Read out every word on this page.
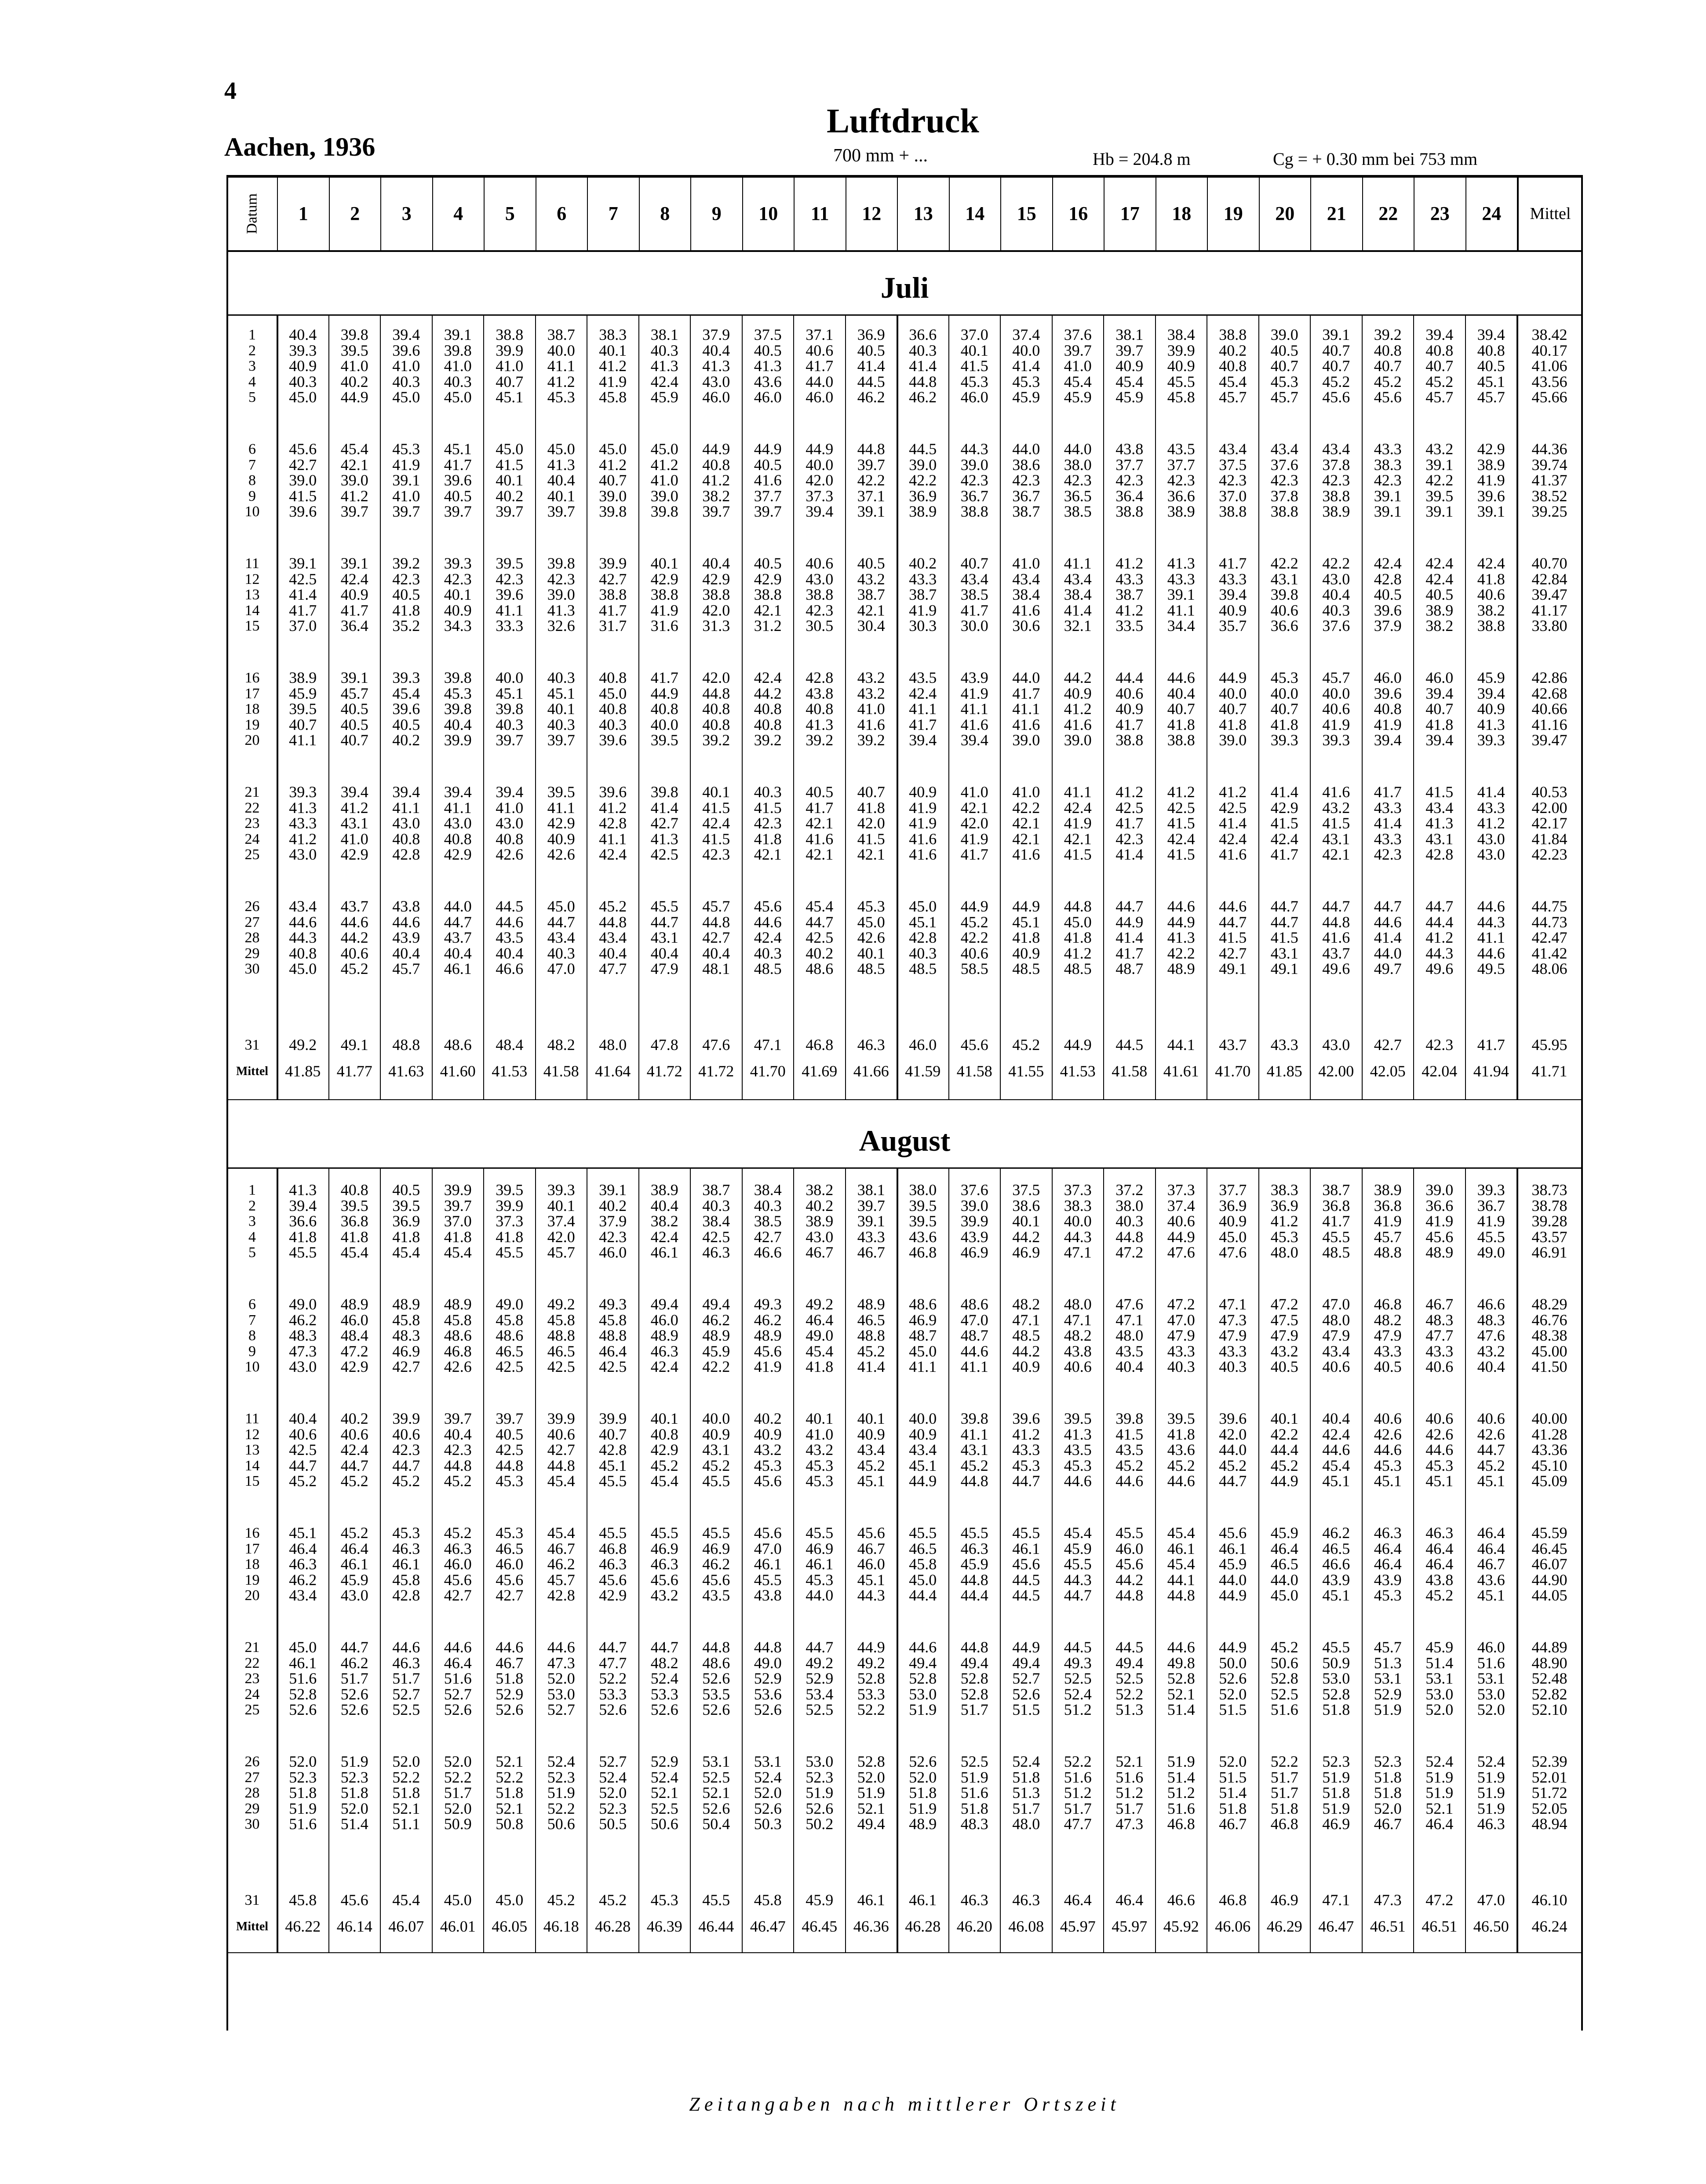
4
Luftdruck
Aachen, 1936	700 mm + ...	Hb = 204.8 m	Cg = + 0.30 mm bei 753 mm
Datum	1	2	3	4	5	6	7	8	9	10	11	12	13	14	15	16	17	18	19	20	21	22	23	24	Mittel
Juli
1	40.4	39.8	39.4	39.1	38.8	38.7	38.3	38.1	37.9	37.5	37.1	36.9	36.6	37.0	37.4	37.6	38.1	38.4	38.8	39.0	39.1	39.2	39.4	39.4	38.42
2	39.3	39.5	39.6	39.8	39.9	40.0	40.1	40.3	40.4	40.5	40.6	40.5	40.3	40.1	40.0	39.7	39.7	39.9	40.2	40.5	40.7	40.8	40.8	40.8	40.17
3	40.9	41.0	41.0	41.0	41.0	41.1	41.2	41.3	41.3	41.3	41.7	41.4	41.4	41.5	41.4	41.0	40.9	40.9	40.8	40.7	40.7	40.7	40.7	40.5	41.06
4	40.3	40.2	40.3	40.3	40.7	41.2	41.9	42.4	43.0	43.6	44.0	44.5	44.8	45.3	45.3	45.4	45.4	45.5	45.4	45.3	45.2	45.2	45.2	45.1	43.56
5	45.0	44.9	45.0	45.0	45.1	45.3	45.8	45.9	46.0	46.0	46.0	46.2	46.2	46.0	45.9	45.9	45.9	45.8	45.7	45.7	45.6	45.6	45.7	45.7	45.66
6	45.6	45.4	45.3	45.1	45.0	45.0	45.0	45.0	44.9	44.9	44.9	44.8	44.5	44.3	44.0	44.0	43.8	43.5	43.4	43.4	43.4	43.3	43.2	42.9	44.36
7	42.7	42.1	41.9	41.7	41.5	41.3	41.2	41.2	40.8	40.5	40.0	39.7	39.0	39.0	38.6	38.0	37.7	37.7	37.5	37.6	37.8	38.3	39.1	38.9	39.74
8	39.0	39.0	39.1	39.6	40.1	40.4	40.7	41.0	41.2	41.6	42.0	42.2	42.2	42.3	42.3	42.3	42.3	42.3	42.3	42.3	42.3	42.3	42.2	41.9	41.37
9	41.5	41.2	41.0	40.5	40.2	40.1	39.0	39.0	38.2	37.7	37.3	37.1	36.9	36.7	36.7	36.5	36.4	36.6	37.0	37.8	38.8	39.1	39.5	39.6	38.52
10	39.6	39.7	39.7	39.7	39.7	39.7	39.8	39.8	39.7	39.7	39.4	39.1	38.9	38.8	38.7	38.5	38.8	38.9	38.8	38.8	38.9	39.1	39.1	39.1	39.25
11	39.1	39.1	39.2	39.3	39.5	39.8	39.9	40.1	40.4	40.5	40.6	40.5	40.2	40.7	41.0	41.1	41.2	41.3	41.7	42.2	42.2	42.4	42.4	42.4	40.70
12	42.5	42.4	42.3	42.3	42.3	42.3	42.7	42.9	42.9	42.9	43.0	43.2	43.3	43.4	43.4	43.4	43.3	43.3	43.3	43.1	43.0	42.8	42.4	41.8	42.84
13	41.4	40.9	40.5	40.1	39.6	39.0	38.8	38.8	38.8	38.8	38.8	38.7	38.7	38.5	38.4	38.4	38.7	39.1	39.4	39.8	40.4	40.5	40.5	40.6	39.47
14	41.7	41.7	41.8	40.9	41.1	41.3	41.7	41.9	42.0	42.1	42.3	42.1	41.9	41.7	41.6	41.4	41.2	41.1	40.9	40.6	40.3	39.6	38.9	38.2	41.17
15	37.0	36.4	35.2	34.3	33.3	32.6	31.7	31.6	31.3	31.2	30.5	30.4	30.3	30.0	30.6	32.1	33.5	34.4	35.7	36.6	37.6	37.9	38.2	38.8	33.80
16	38.9	39.1	39.3	39.8	40.0	40.3	40.8	41.7	42.0	42.4	42.8	43.2	43.5	43.9	44.0	44.2	44.4	44.6	44.9	45.3	45.7	46.0	46.0	45.9	42.86
17	45.9	45.7	45.4	45.3	45.1	45.1	45.0	44.9	44.8	44.2	43.8	43.2	42.4	41.9	41.7	40.9	40.6	40.4	40.0	40.0	40.0	39.6	39.4	39.4	42.68
18	39.5	40.5	39.6	39.8	39.8	40.1	40.8	40.8	40.8	40.8	40.8	41.0	41.1	41.1	41.1	41.2	40.9	40.7	40.7	40.7	40.6	40.8	40.7	40.9	40.66
19	40.7	40.5	40.5	40.4	40.3	40.3	40.3	40.0	40.8	40.8	41.3	41.6	41.7	41.6	41.6	41.6	41.7	41.8	41.8	41.8	41.9	41.9	41.8	41.3	41.16
20	41.1	40.7	40.2	39.9	39.7	39.7	39.6	39.5	39.2	39.2	39.2	39.2	39.4	39.4	39.0	39.0	38.8	38.8	39.0	39.3	39.3	39.4	39.4	39.3	39.47
21	39.3	39.4	39.4	39.4	39.4	39.5	39.6	39.8	40.1	40.3	40.5	40.7	40.9	41.0	41.0	41.1	41.2	41.2	41.2	41.4	41.6	41.7	41.5	41.4	40.53
22	41.3	41.2	41.1	41.1	41.0	41.1	41.2	41.4	41.5	41.5	41.7	41.8	41.9	42.1	42.2	42.4	42.5	42.5	42.5	42.9	43.2	43.3	43.4	43.3	42.00
23	43.3	43.1	43.0	43.0	43.0	42.9	42.8	42.7	42.4	42.3	42.1	42.0	41.9	42.0	42.1	41.9	41.7	41.5	41.4	41.5	41.5	41.4	41.3	41.2	42.17
24	41.2	41.0	40.8	40.8	40.8	40.9	41.1	41.3	41.5	41.8	41.6	41.5	41.6	41.9	42.1	42.1	42.3	42.4	42.4	42.4	43.1	43.3	43.1	43.0	41.84
25	43.0	42.9	42.8	42.9	42.6	42.6	42.4	42.5	42.3	42.1	42.1	42.1	41.6	41.7	41.6	41.5	41.4	41.5	41.6	41.7	42.1	42.3	42.8	43.0	42.23
26	43.4	43.7	43.8	44.0	44.5	45.0	45.2	45.5	45.7	45.6	45.4	45.3	45.0	44.9	44.9	44.8	44.7	44.6	44.6	44.7	44.7	44.7	44.7	44.6	44.75
27	44.6	44.6	44.6	44.7	44.6	44.7	44.8	44.7	44.8	44.6	44.7	45.0	45.1	45.2	45.1	45.0	44.9	44.9	44.7	44.7	44.8	44.6	44.4	44.3	44.73
28	44.3	44.2	43.9	43.7	43.5	43.4	43.4	43.1	42.7	42.4	42.5	42.6	42.8	42.2	41.8	41.8	41.4	41.3	41.5	41.5	41.6	41.4	41.2	41.1	42.47
29	40.8	40.6	40.4	40.4	40.4	40.3	40.4	40.4	40.4	40.3	40.2	40.1	40.3	40.6	40.9	41.2	41.7	42.2	42.7	43.1	43.7	44.0	44.3	44.6	41.42
30	45.0	45.2	45.7	46.1	46.6	47.0	47.7	47.9	48.1	48.5	48.6	48.5	48.5	58.5	48.5	48.5	48.7	48.9	49.1	49.1	49.6	49.7	49.6	49.5	48.06
31	49.2	49.1	48.8	48.6	48.4	48.2	48.0	47.8	47.6	47.1	46.8	46.3	46.0	45.6	45.2	44.9	44.5	44.1	43.7	43.3	43.0	42.7	42.3	41.7	45.95
Mittel	41.85	41.77	41.63	41.60	41.53	41.58	41.64	41.72	41.72	41.70	41.69	41.66	41.59	41.58	41.55	41.53	41.58	41.61	41.70	41.85	42.00	42.05	42.04	41.94	41.71
August
1	41.3	40.8	40.5	39.9	39.5	39.3	39.1	38.9	38.7	38.4	38.2	38.1	38.0	37.6	37.5	37.3	37.2	37.3	37.7	38.3	38.7	38.9	39.0	39.3	38.73
2	39.4	39.5	39.5	39.7	39.9	40.1	40.2	40.4	40.3	40.3	40.2	39.7	39.5	39.0	38.6	38.3	38.0	37.4	36.9	36.9	36.8	36.8	36.6	36.7	38.78
3	36.6	36.8	36.9	37.0	37.3	37.4	37.9	38.2	38.4	38.5	38.9	39.1	39.5	39.9	40.1	40.0	40.3	40.6	40.9	41.2	41.7	41.9	41.9	41.9	39.28
4	41.8	41.8	41.8	41.8	41.8	42.0	42.3	42.4	42.5	42.7	43.0	43.3	43.6	43.9	44.2	44.3	44.8	44.9	45.0	45.3	45.5	45.7	45.6	45.5	43.57
5	45.5	45.4	45.4	45.4	45.5	45.7	46.0	46.1	46.3	46.6	46.7	46.7	46.8	46.9	46.9	47.1	47.2	47.6	47.6	48.0	48.5	48.8	48.9	49.0	46.91
6	49.0	48.9	48.9	48.9	49.0	49.2	49.3	49.4	49.4	49.3	49.2	48.9	48.6	48.6	48.2	48.0	47.6	47.2	47.1	47.2	47.0	46.8	46.7	46.6	48.29
7	46.2	46.0	45.8	45.8	45.8	45.8	45.8	46.0	46.2	46.2	46.4	46.5	46.9	47.0	47.1	47.1	47.1	47.0	47.3	47.5	48.0	48.2	48.3	48.3	46.76
8	48.3	48.4	48.3	48.6	48.6	48.8	48.8	48.9	48.9	48.9	49.0	48.8	48.7	48.7	48.5	48.2	48.0	47.9	47.9	47.9	47.9	47.9	47.7	47.6	48.38
9	47.3	47.2	46.9	46.8	46.5	46.5	46.4	46.3	45.9	45.6	45.4	45.2	45.0	44.6	44.2	43.8	43.5	43.3	43.3	43.2	43.4	43.3	43.3	43.2	45.00
10	43.0	42.9	42.7	42.6	42.5	42.5	42.5	42.4	42.2	41.9	41.8	41.4	41.1	41.1	40.9	40.6	40.4	40.3	40.3	40.5	40.6	40.5	40.6	40.4	41.50
11	40.4	40.2	39.9	39.7	39.7	39.9	39.9	40.1	40.0	40.2	40.1	40.1	40.0	39.8	39.6	39.5	39.8	39.5	39.6	40.1	40.4	40.6	40.6	40.6	40.00
12	40.6	40.6	40.6	40.4	40.5	40.6	40.7	40.8	40.9	40.9	41.0	40.9	40.9	41.1	41.2	41.3	41.5	41.8	42.0	42.2	42.4	42.6	42.6	42.6	41.28
13	42.5	42.4	42.3	42.3	42.5	42.7	42.8	42.9	43.1	43.2	43.2	43.4	43.4	43.1	43.3	43.5	43.5	43.6	44.0	44.4	44.6	44.6	44.6	44.7	43.36
14	44.7	44.7	44.7	44.8	44.8	44.8	45.1	45.2	45.2	45.3	45.3	45.2	45.1	45.2	45.3	45.3	45.2	45.2	45.2	45.2	45.4	45.3	45.3	45.2	45.10
15	45.2	45.2	45.2	45.2	45.3	45.4	45.5	45.4	45.5	45.6	45.3	45.1	44.9	44.8	44.7	44.6	44.6	44.6	44.7	44.9	45.1	45.1	45.1	45.1	45.09
16	45.1	45.2	45.3	45.2	45.3	45.4	45.5	45.5	45.5	45.6	45.5	45.6	45.5	45.5	45.5	45.4	45.5	45.4	45.6	45.9	46.2	46.3	46.3	46.4	45.59
17	46.4	46.4	46.3	46.3	46.5	46.7	46.8	46.9	46.9	47.0	46.9	46.7	46.5	46.3	46.1	45.9	46.0	46.1	46.1	46.4	46.5	46.4	46.4	46.4	46.45
18	46.3	46.1	46.1	46.0	46.0	46.2	46.3	46.3	46.2	46.1	46.1	46.0	45.8	45.9	45.6	45.5	45.6	45.4	45.9	46.5	46.6	46.4	46.4	46.7	46.07
19	46.2	45.9	45.8	45.6	45.6	45.7	45.6	45.6	45.6	45.5	45.3	45.1	45.0	44.8	44.5	44.3	44.2	44.1	44.0	44.0	43.9	43.9	43.8	43.6	44.90
20	43.4	43.0	42.8	42.7	42.7	42.8	42.9	43.2	43.5	43.8	44.0	44.3	44.4	44.4	44.5	44.7	44.8	44.8	44.9	45.0	45.1	45.3	45.2	45.1	44.05
21	45.0	44.7	44.6	44.6	44.6	44.6	44.7	44.7	44.8	44.8	44.7	44.9	44.6	44.8	44.9	44.5	44.5	44.6	44.9	45.2	45.5	45.7	45.9	46.0	44.89
22	46.1	46.2	46.3	46.4	46.7	47.3	47.7	48.2	48.6	49.0	49.2	49.2	49.4	49.4	49.4	49.3	49.4	49.8	50.0	50.6	50.9	51.3	51.4	51.6	48.90
23	51.6	51.7	51.7	51.6	51.8	52.0	52.2	52.4	52.6	52.9	52.9	52.8	52.8	52.8	52.7	52.5	52.5	52.8	52.6	52.8	53.0	53.1	53.1	53.1	52.48
24	52.8	52.6	52.7	52.7	52.9	53.0	53.3	53.3	53.5	53.6	53.4	53.3	53.0	52.8	52.6	52.4	52.2	52.1	52.0	52.5	52.8	52.9	53.0	53.0	52.82
25	52.6	52.6	52.5	52.6	52.6	52.7	52.6	52.6	52.6	52.6	52.5	52.2	51.9	51.7	51.5	51.2	51.3	51.4	51.5	51.6	51.8	51.9	52.0	52.0	52.10
26	52.0	51.9	52.0	52.0	52.1	52.4	52.7	52.9	53.1	53.1	53.0	52.8	52.6	52.5	52.4	52.2	52.1	51.9	52.0	52.2	52.3	52.3	52.4	52.4	52.39
27	52.3	52.3	52.2	52.2	52.2	52.3	52.4	52.4	52.5	52.4	52.3	52.0	52.0	51.9	51.8	51.6	51.6	51.4	51.5	51.7	51.9	51.8	51.9	51.9	52.01
28	51.8	51.8	51.8	51.7	51.8	51.9	52.0	52.1	52.1	52.0	51.9	51.9	51.8	51.6	51.3	51.2	51.2	51.2	51.4	51.7	51.8	51.8	51.9	51.9	51.72
29	51.9	52.0	52.1	52.0	52.1	52.2	52.3	52.5	52.6	52.6	52.6	52.1	51.9	51.8	51.7	51.7	51.7	51.6	51.8	51.8	51.9	52.0	52.1	51.9	52.05
30	51.6	51.4	51.1	50.9	50.8	50.6	50.5	50.6	50.4	50.3	50.2	49.4	48.9	48.3	48.0	47.7	47.3	46.8	46.7	46.8	46.9	46.7	46.4	46.3	48.94
31	45.8	45.6	45.4	45.0	45.0	45.2	45.2	45.3	45.5	45.8	45.9	46.1	46.1	46.3	46.3	46.4	46.4	46.6	46.8	46.9	47.1	47.3	47.2	47.0	46.10
Mittel	46.22	46.14	46.07	46.01	46.05	46.18	46.28	46.39	46.44	46.47	46.45	46.36	46.28	46.20	46.08	45.97	45.97	45.92	46.06	46.29	46.47	46.51	46.51	46.50	46.24
Zeitangaben nach mittlerer Ortszeit
